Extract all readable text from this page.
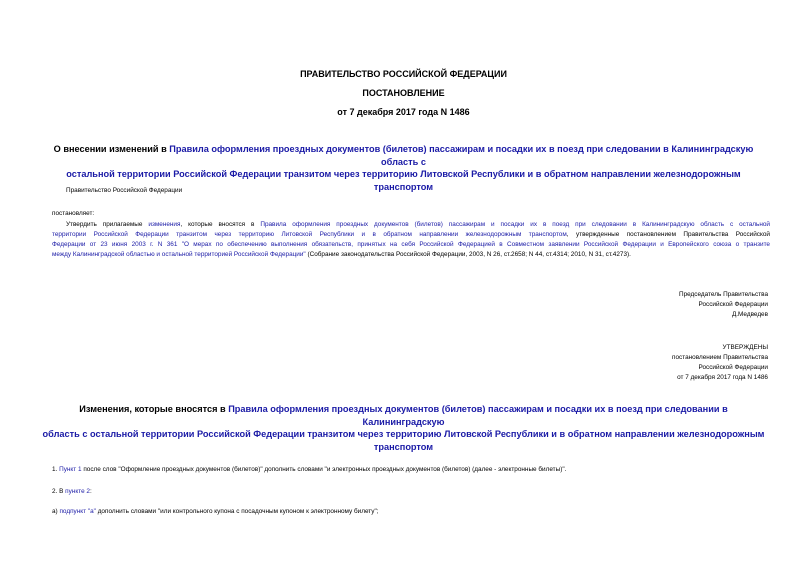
ПРАВИТЕЛЬСТВО РОССИЙСКОЙ ФЕДЕРАЦИИ
ПОСТАНОВЛЕНИЕ
от 7 декабря 2017 года N 1486
О внесении изменений в Правила оформления проездных документов (билетов) пассажирам и посадки их в поезд при следовании в Калининградскую область с
остальной территории Российской Федерации транзитом через территорию Литовской Республики и в обратном направлении железнодорожным транспортом
Правительство Российской Федерации
постановляет:
Утвердить прилагаемые изменения, которые вносятся в Правила оформления проездных документов (билетов) пассажирам и посадки их в поезд при следовании в Калининградскую область с остальной
территории Российской Федерации транзитом через территорию Литовской Республики и в обратном направлении железнодорожным транспортом, утвержденные постановлением Правительства Российской
Федерации от 23 июня 2003 г. N 361 "О мерах по обеспечению выполнения обязательств, принятых на себя Российской Федерацией в Совместном заявлении Российской Федерации и Европейского союза о транзите
между Калининградской областью и остальной территорией Российской Федерации" (Собрание законодательства Российской Федерации, 2003, N 26, ст.2658; N 44, ст.4314; 2010, N 31, ст.4273).
Председатель Правительства
Российской Федерации
Д.Медведев
УТВЕРЖДЕНЫ
постановлением Правительства
Российской Федерации
от 7 декабря 2017 года N 1486
Изменения, которые вносятся в Правила оформления проездных документов (билетов) пассажирам и посадки их в поезд при следовании в Калининградскую
область с остальной территории Российской Федерации транзитом через территорию Литовской Республики и в обратном направлении железнодорожным
транспортом
1. Пункт 1 после слов "Оформление проездных документов (билетов)" дополнить словами "и электронных проездных документов (билетов) (далее - электронные билеты)".
2. В пункте 2:
а) подпункт "а" дополнить словами "или контрольного купона с посадочным купоном к электронному билету";
